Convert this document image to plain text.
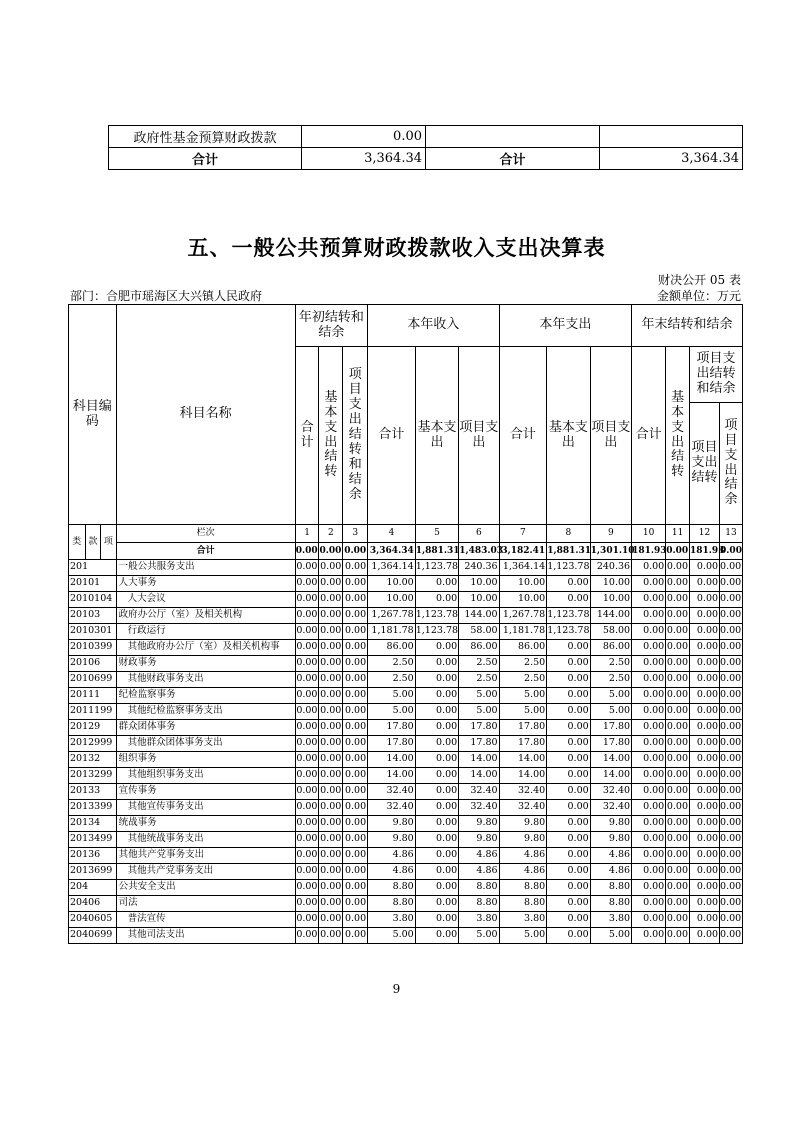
政府性基金预算财政拨款	0.00		
合计	3,364.34	合计	3,364.34
五、一般公共预算财政拨款收入支出决算表
财决公开 05 表
部门：合肥市瑶海区大兴镇人民政府	金额单位：万元
科目编码			科目名称	年初结转和结余			本年收入			本年支出			年末结转和结余			
				合计	基本支出结转	项目支出结转和结余	合计	基本支出	项目支出	合计	基本支出	项目支出	合计	基本支出结转	项目支出结转和结余	
															项目支出结转	项目支出结余

类	款	项	栏次	1	2	3	4	5	6	7	8	9	10	11	12	13
			合计	0.00	0.00	0.00	3,364.34	1,881.31	1,483.03	3,182.41	1,881.31	1,301.10	181.93	0.00	181.93	0.00
201			一般公共服务支出	0.00	0.00	0.00	1,364.14	1,123.78	240.36	1,364.14	1,123.78	240.36	0.00	0.00	0.00	0.00
20101			人大事务	0.00	0.00	0.00	10.00	0.00	10.00	10.00	0.00	10.00	0.00	0.00	0.00	0.00
2010104			人大会议	0.00	0.00	0.00	10.00	0.00	10.00	10.00	0.00	10.00	0.00	0.00	0.00	0.00
20103			政府办公厅（室）及相关机构	0.00	0.00	0.00	1,267.78	1,123.78	144.00	1,267.78	1,123.78	144.00	0.00	0.00	0.00	0.00
2010301			行政运行	0.00	0.00	0.00	1,181.78	1,123.78	58.00	1,181.78	1,123.78	58.00	0.00	0.00	0.00	0.00
2010399			其他政府办公厅（室）及相关机构事	0.00	0.00	0.00	86.00	0.00	86.00	86.00	0.00	86.00	0.00	0.00	0.00	0.00
20106			财政事务	0.00	0.00	0.00	2.50	0.00	2.50	2.50	0.00	2.50	0.00	0.00	0.00	0.00
2010699			其他财政事务支出	0.00	0.00	0.00	2.50	0.00	2.50	2.50	0.00	2.50	0.00	0.00	0.00	0.00
20111			纪检监察事务	0.00	0.00	0.00	5.00	0.00	5.00	5.00	0.00	5.00	0.00	0.00	0.00	0.00
2011199			其他纪检监察事务支出	0.00	0.00	0.00	5.00	0.00	5.00	5.00	0.00	5.00	0.00	0.00	0.00	0.00
20129			群众团体事务	0.00	0.00	0.00	17.80	0.00	17.80	17.80	0.00	17.80	0.00	0.00	0.00	0.00
2012999			其他群众团体事务支出	0.00	0.00	0.00	17.80	0.00	17.80	17.80	0.00	17.80	0.00	0.00	0.00	0.00
20132			组织事务	0.00	0.00	0.00	14.00	0.00	14.00	14.00	0.00	14.00	0.00	0.00	0.00	0.00
2013299			其他组织事务支出	0.00	0.00	0.00	14.00	0.00	14.00	14.00	0.00	14.00	0.00	0.00	0.00	0.00
20133			宣传事务	0.00	0.00	0.00	32.40	0.00	32.40	32.40	0.00	32.40	0.00	0.00	0.00	0.00
2013399			其他宣传事务支出	0.00	0.00	0.00	32.40	0.00	32.40	32.40	0.00	32.40	0.00	0.00	0.00	0.00
20134			统战事务	0.00	0.00	0.00	9.80	0.00	9.80	9.80	0.00	9.80	0.00	0.00	0.00	0.00
2013499			其他统战事务支出	0.00	0.00	0.00	9.80	0.00	9.80	9.80	0.00	9.80	0.00	0.00	0.00	0.00
20136			其他共产党事务支出	0.00	0.00	0.00	4.86	0.00	4.86	4.86	0.00	4.86	0.00	0.00	0.00	0.00
2013699			其他共产党事务支出	0.00	0.00	0.00	4.86	0.00	4.86	4.86	0.00	4.86	0.00	0.00	0.00	0.00
204			公共安全支出	0.00	0.00	0.00	8.80	0.00	8.80	8.80	0.00	8.80	0.00	0.00	0.00	0.00
20406			司法	0.00	0.00	0.00	8.80	0.00	8.80	8.80	0.00	8.80	0.00	0.00	0.00	0.00
2040605			普法宣传	0.00	0.00	0.00	3.80	0.00	3.80	3.80	0.00	3.80	0.00	0.00	0.00	0.00
2040699			其他司法支出	0.00	0.00	0.00	5.00	0.00	5.00	5.00	0.00	5.00	0.00	0.00	0.00	0.00
9
